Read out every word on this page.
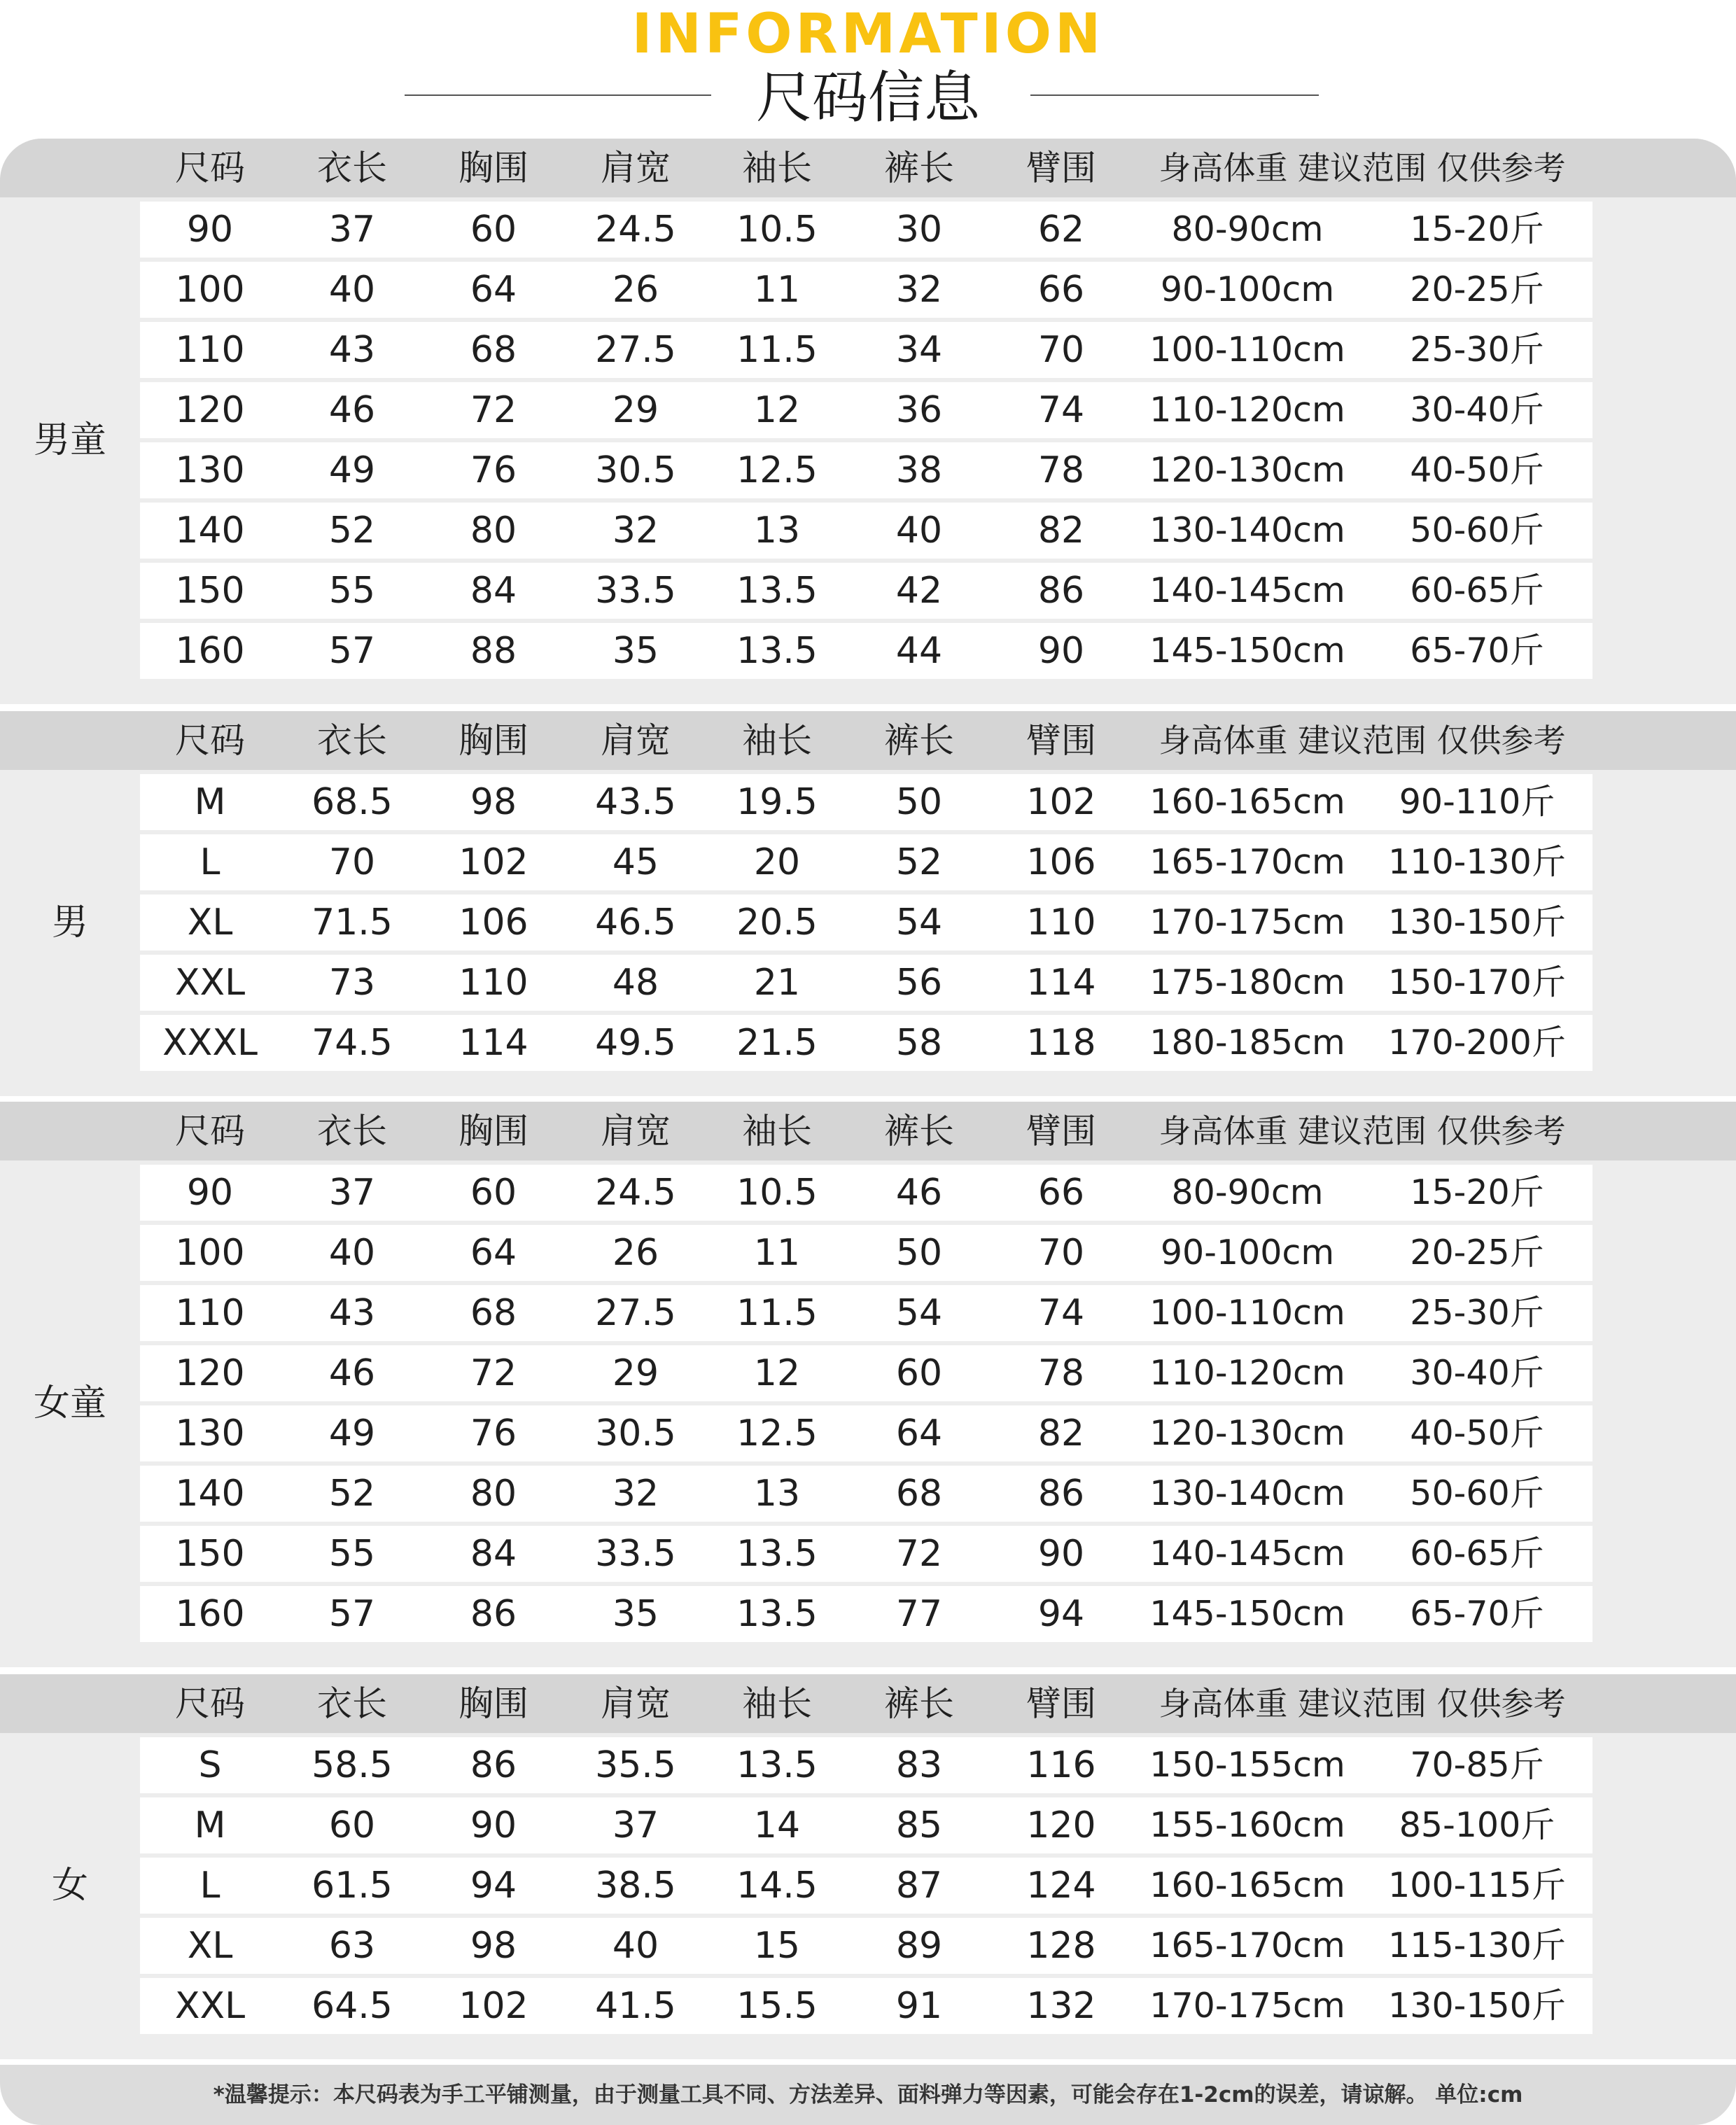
INFORMATION
尺码信息
尺码	衣长	胸围	肩宽	袖长	裤长	臂围	身高体重 建议范围 仅供参考
90	37	60	24.5	10.5	30	62	80-90cm	15-20斤
100	40	64	26	11	32	66	90-100cm	20-25斤
110	43	68	27.5	11.5	34	70	100-110cm	25-30斤
120	46	72	29	12	36	74	110-120cm	30-40斤
130	49	76	30.5	12.5	38	78	120-130cm	40-50斤
140	52	80	32	13	40	82	130-140cm	50-60斤
150	55	84	33.5	13.5	42	86	140-145cm	60-65斤
160	57	88	35	13.5	44	90	145-150cm	65-70斤
男童
尺码	衣长	胸围	肩宽	袖长	裤长	臂围	身高体重 建议范围 仅供参考
M	68.5	98	43.5	19.5	50	102	160-165cm	90-110斤
L	70	102	45	20	52	106	165-170cm	110-130斤
XL	71.5	106	46.5	20.5	54	110	170-175cm	130-150斤
XXL	73	110	48	21	56	114	175-180cm	150-170斤
XXXL	74.5	114	49.5	21.5	58	118	180-185cm	170-200斤
男
尺码	衣长	胸围	肩宽	袖长	裤长	臂围	身高体重 建议范围 仅供参考
90	37	60	24.5	10.5	46	66	80-90cm	15-20斤
100	40	64	26	11	50	70	90-100cm	20-25斤
110	43	68	27.5	11.5	54	74	100-110cm	25-30斤
120	46	72	29	12	60	78	110-120cm	30-40斤
130	49	76	30.5	12.5	64	82	120-130cm	40-50斤
140	52	80	32	13	68	86	130-140cm	50-60斤
150	55	84	33.5	13.5	72	90	140-145cm	60-65斤
160	57	86	35	13.5	77	94	145-150cm	65-70斤
女童
尺码	衣长	胸围	肩宽	袖长	裤长	臂围	身高体重 建议范围 仅供参考
S	58.5	86	35.5	13.5	83	116	150-155cm	70-85斤
M	60	90	37	14	85	120	155-160cm	85-100斤
L	61.5	94	38.5	14.5	87	124	160-165cm	100-115斤
XL	63	98	40	15	89	128	165-170cm	115-130斤
XXL	64.5	102	41.5	15.5	91	132	170-175cm	130-150斤
女
*温馨提示：本尺码表为手工平铺测量，由于测量工具不同、方法差异、面料弹力等因素，可能会存在1-2cm的误差，请谅解。 单位:cm
